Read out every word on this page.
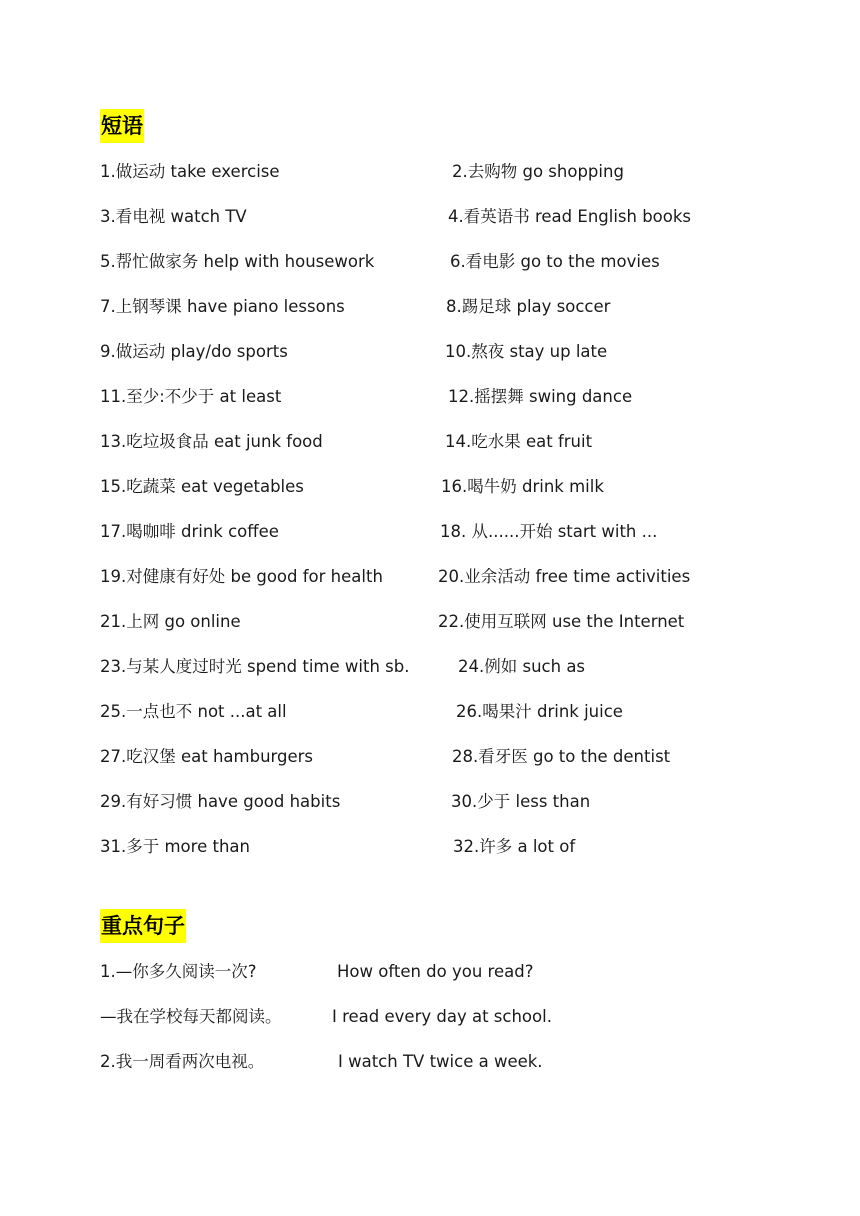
短语
1.做运动 take exercise	2.去购物 go shopping
3.看电视 watch TV	4.看英语书 read English books
5.帮忙做家务 help with housework	6.看电影 go to the movies
7.上钢琴课 have piano lessons	8.踢足球 play soccer
9.做运动 play/do sports	10.熬夜 stay up late
11.至少:不少于 at least	12.摇摆舞 swing dance
13.吃垃圾食品 eat junk food	14.吃水果 eat fruit
15.吃蔬菜 eat vegetables	16.喝牛奶 drink milk
17.喝咖啡 drink coffee	18. 从......开始 start with ...
19.对健康有好处 be good for health	20.业余活动 free time activities
21.上网 go online	22.使用互联网 use the Internet
23.与某人度过时光 spend time with sb.	24.例如 such as
25.一点也不 not ...at all	26.喝果汁 drink juice
27.吃汉堡 eat hamburgers	28.看牙医 go to the dentist
29.有好习惯 have good habits	30.少于 less than
31.多于 more than	32.许多 a lot of
重点句子
1.—你多久阅读一次?	How often do you read?
—我在学校每天都阅读。	I read every day at school.
2.我一周看两次电视。	I watch TV twice a week.
